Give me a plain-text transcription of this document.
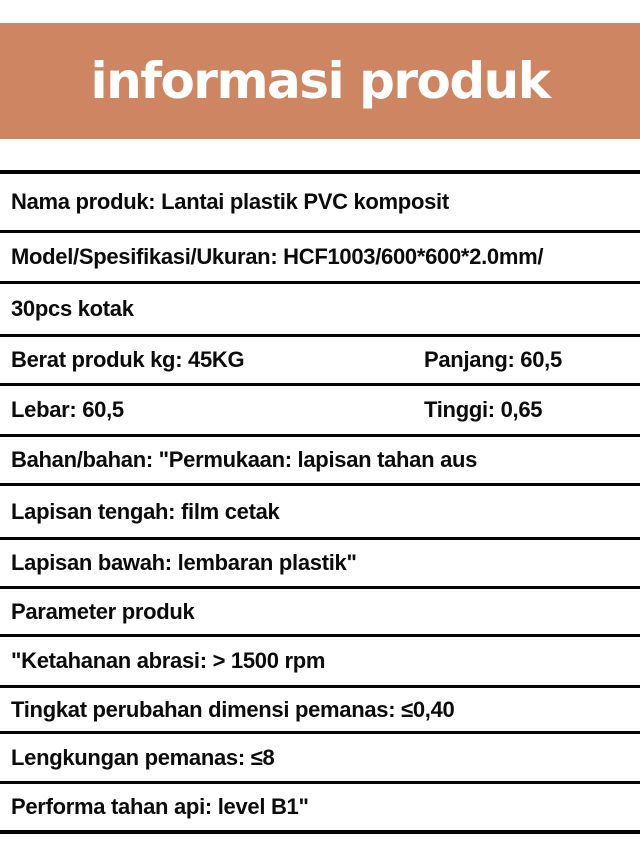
informasi produk
Nama produk: Lantai plastik PVC komposit
Model/Spesifikasi/Ukuran: HCF1003/600*600*2.0mm/
30pcs kotak
Berat produk kg: 45KG	Panjang: 60,5
Lebar: 60,5	Tinggi: 0,65
Bahan/bahan: "Permukaan: lapisan tahan aus
Lapisan tengah: film cetak
Lapisan bawah: lembaran plastik"
Parameter produk
"Ketahanan abrasi: > 1500 rpm
Tingkat perubahan dimensi pemanas: ≤0,40
Lengkungan pemanas: ≤8
Performa tahan api: level B1"
